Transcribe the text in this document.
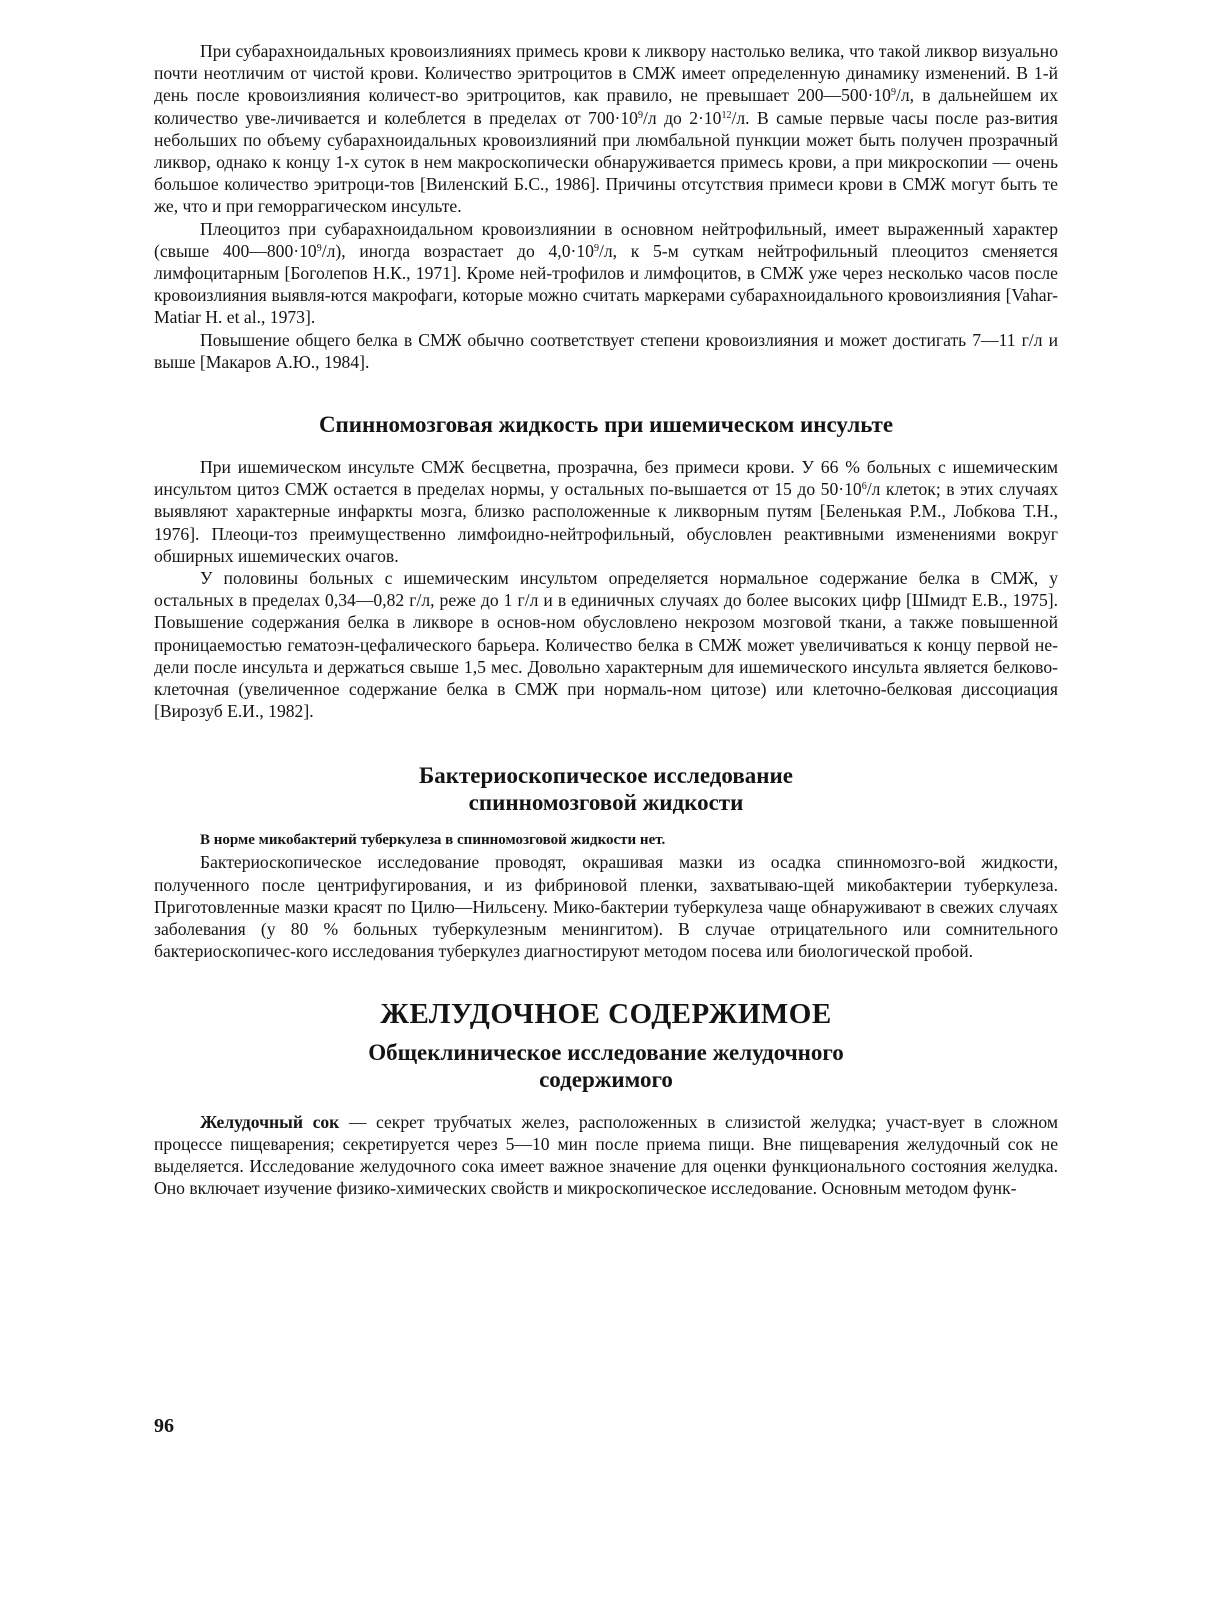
При субарахноидальных кровоизлияниях примесь крови к ликвору настолько велика, что такой ликвор визуально почти неотличим от чистой крови. Количество эритроцитов в СМЖ имеет определенную динамику изменений. В 1-й день после кровоизлияния количест-во эритроцитов, как правило, не превышает $200—500\cdot 10^9/л$, в дальнейшем их количество уве-личивается и колеблется в пределах от $700\cdot 10^9/л$ до $2\cdot 10^{12}/л$. В самые первые часы после раз-вития небольших по объему субарахноидальных кровоизлияний при люмбальной пункции может быть получен прозрачный ликвор, однако к концу 1-х суток в нем макроскопически обнаруживается примесь крови, а при микроскопии — очень большое количество эритроци-тов [Виленский Б.С., 1986]. Причины отсутствия примеси крови в СМЖ могут быть те же, что и при геморрагическом инсульте.

Плеоцитоз при субарахноидальном кровоизлиянии в основном нейтрофильный, имеет выраженный характер (свыше $400—800\cdot 10^9/л$), иногда возрастает до $4,0\cdot 10^9/л$, к 5-м суткам нейтрофильный плеоцитоз сменяется лимфоцитарным [Боголепов Н.К., 1971]. Кроме ней-трофилов и лимфоцитов, в СМЖ уже через несколько часов после кровоизлияния выявля-ются макрофаги, которые можно считать маркерами субарахноидального кровоизлияния [Vahar-Matiar H. et al., 1973].

Повышение общего белка в СМЖ обычно соответствует степени кровоизлияния и может достигать 7—11 г/л и выше [Макаров А.Ю., 1984].

Спинномозговая жидкость при ишемическом инсульте

При ишемическом инсульте СМЖ бесцветна, прозрачна, без примеси крови. У 66 % больных с ишемическим инсультом цитоз СМЖ остается в пределах нормы, у остальных по-вышается от 15 до $50\cdot 10^6/л$ клеток; в этих случаях выявляют характерные инфаркты мозга, близко расположенные к ликворным путям [Беленькая Р.М., Лобкова Т.Н., 1976]. Плеоци-тоз преимущественно лимфоидно-нейтрофильный, обусловлен реактивными изменениями вокруг обширных ишемических очагов.

У половины больных с ишемическим инсультом определяется нормальное содержание белка в СМЖ, у остальных в пределах 0,34—0,82 г/л, реже до 1 г/л и в единичных случаях до более высоких цифр [Шмидт Е.В., 1975]. Повышение содержания белка в ликворе в основ-ном обусловлено некрозом мозговой ткани, а также повышенной проницаемостью гематоэн-цефалического барьера. Количество белка в СМЖ может увеличиваться к концу первой не-дели после инсульта и держаться свыше 1,5 мес. Довольно характерным для ишемического инсульта является белково-клеточная (увеличенное содержание белка в СМЖ при нормаль-ном цитозе) или клеточно-белковая диссоциация [Вирозуб Е.И., 1982].

Бактериоскопическое исследование
спинномозговой жидкости

В норме микобактерий туберкулеза в спинномозговой жидкости нет.

Бактериоскопическое исследование проводят, окрашивая мазки из осадка спинномозго-вой жидкости, полученного после центрифугирования, и из фибриновой пленки, захватываю-щей микобактерии туберкулеза. Приготовленные мазки красят по Цилю—Нильсену. Мико-бактерии туберкулеза чаще обнаруживают в свежих случаях заболевания (у 80 % больных туберкулезным менингитом). В случае отрицательного или сомнительного бактериоскопичес-кого исследования туберкулез диагностируют методом посева или биологической пробой.

ЖЕЛУДОЧНОЕ СОДЕРЖИМОЕ
Общеклиническое исследование желудочного
содержимого

Желудочный сок — секрет трубчатых желез, расположенных в слизистой желудка; участ-вует в сложном процессе пищеварения; секретируется через 5—10 мин после приема пищи. Вне пищеварения желудочный сок не выделяется. Исследование желудочного сока имеет важное значение для оценки функционального состояния желудка. Оно включает изучение физико-химических свойств и микроскопическое исследование. Основным методом функ-

96
